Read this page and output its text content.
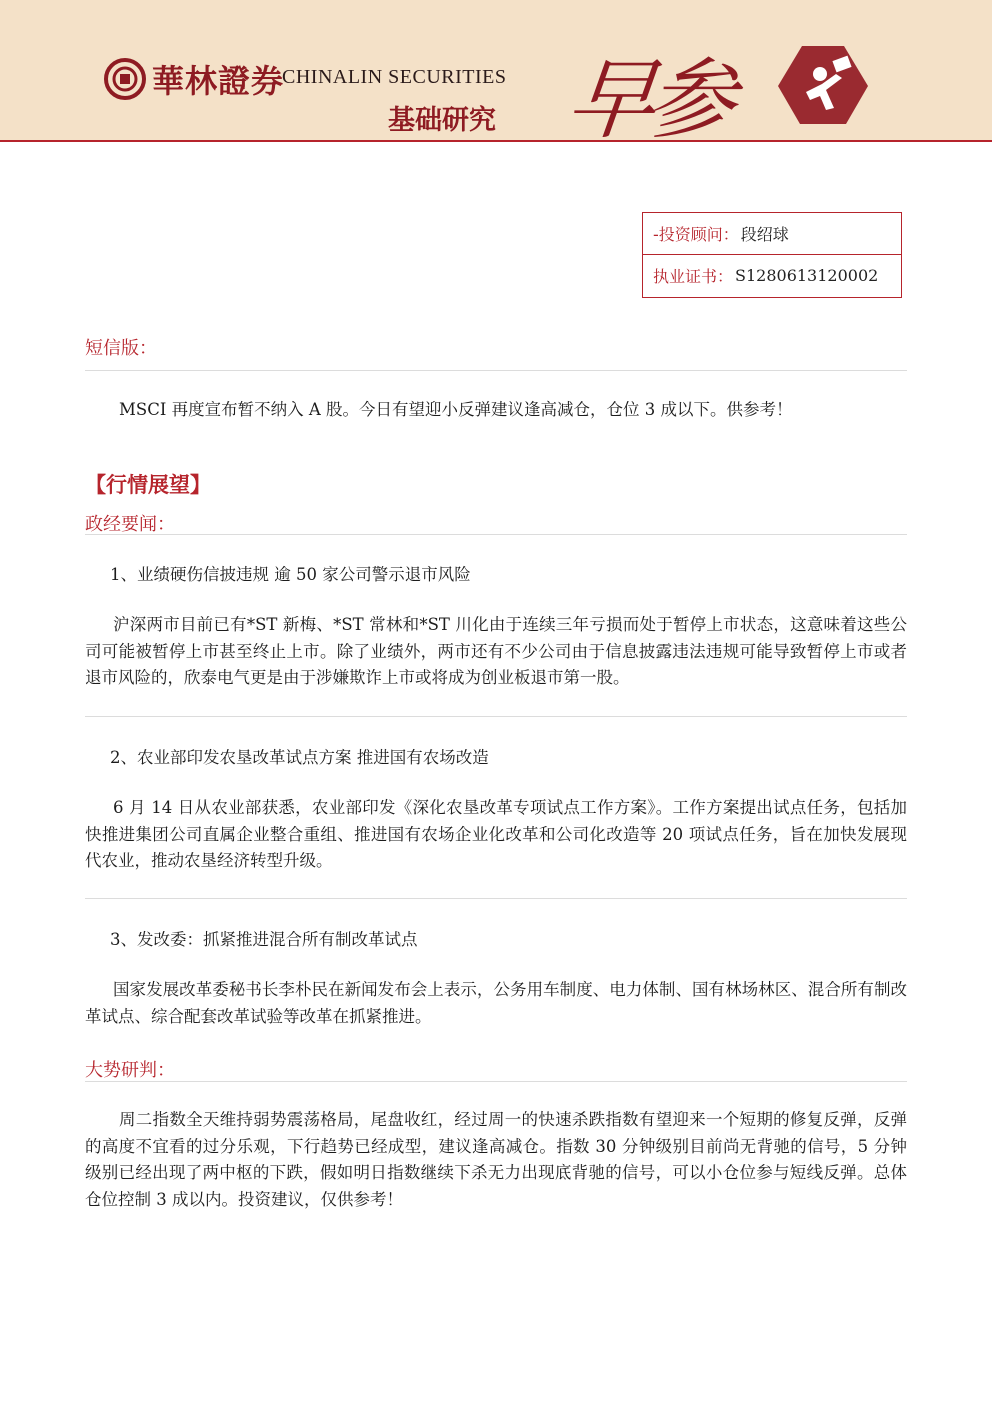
華林證券
CHINALIN SECURITIES
基础研究 早参
-投资顾问： 段绍球
执业证书： S1280613120002
短信版：
MSCI 再度宣布暂不纳入 A 股。今日有望迎小反弹建议逢高减仓，仓位 3 成以下。供参考！
【行情展望】
政经要闻：
1、业绩硬伤信披违规 逾 50 家公司警示退市风险
沪深两市目前已有*ST 新梅、*ST 常林和*ST 川化由于连续三年亏损而处于暂停上市状态，这意味着这些公司可能被暂停上市甚至终止上市。除了业绩外，两市还有不少公司由于信息披露违法违规可能导致暂停上市或者退市风险的，欣泰电气更是由于涉嫌欺诈上市或将成为创业板退市第一股。
2、农业部印发农垦改革试点方案 推进国有农场改造
6 月 14 日从农业部获悉，农业部印发《深化农垦改革专项试点工作方案》。工作方案提出试点任务，包括加快推进集团公司直属企业整合重组、推进国有农场企业化改革和公司化改造等 20 项试点任务，旨在加快发展现代农业，推动农垦经济转型升级。
3、发改委：抓紧推进混合所有制改革试点
国家发展改革委秘书长李朴民在新闻发布会上表示，公务用车制度、电力体制、国有林场林区、混合所有制改革试点、综合配套改革试验等改革在抓紧推进。
大势研判：
周二指数全天维持弱势震荡格局，尾盘收红，经过周一的快速杀跌指数有望迎来一个短期的修复反弹，反弹的高度不宜看的过分乐观，下行趋势已经成型，建议逢高减仓。指数 30 分钟级别目前尚无背驰的信号，5 分钟级别已经出现了两中枢的下跌，假如明日指数继续下杀无力出现底背驰的信号，可以小仓位参与短线反弹。总体仓位控制 3 成以内。投资建议，仅供参考！
